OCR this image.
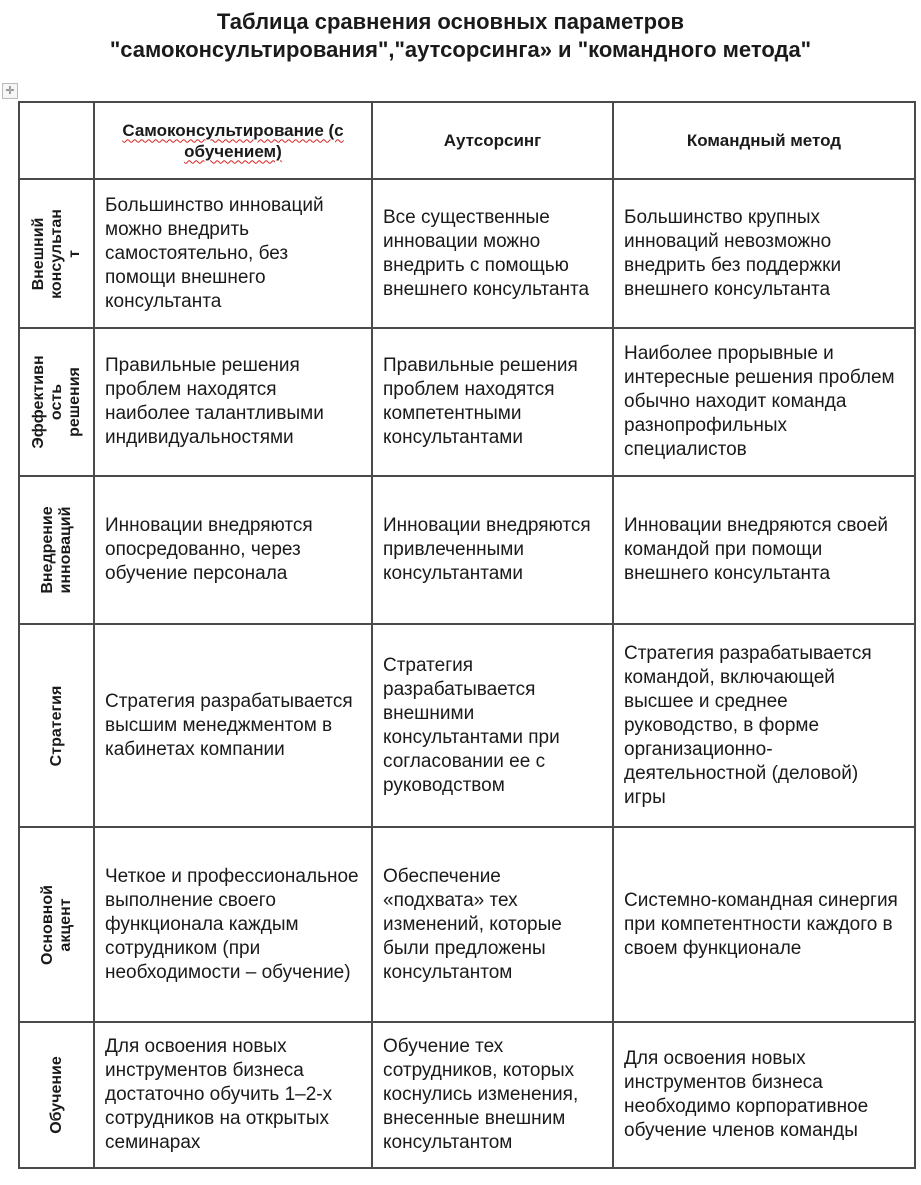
Таблица сравнения основных параметров
"самоконсультирования","аутсорсинга» и "командного метода"
✛
	Самоконсультирование (с обучением)	Аутсорсинг	Командный метод

Внешний консультан т	Большинство инноваций можно внедрить самостоятельно, без помощи внешнего консультанта	Все существенные инновации можно внедрить с помощью внешнего консультанта	Большинство крупных инноваций невозможно внедрить без поддержки внешнего консультанта

Эффективн ость решения	Правильные решения проблем находятся наиболее талантливыми индивидуальностями	Правильные решения проблем находятся компетентными консультантами	Наиболее прорывные и интересные решения проблем обычно находит команда разнопрофильных специалистов

Внедрение инноваций	Инновации внедряются опосредованно, через обучение персонала	Инновации внедряются привлеченными консультантами	Инновации внедряются своей командой при помощи внешнего консультанта

Стратегия	Стратегия разрабатывается высшим менеджментом в кабинетах компании	Стратегия разрабатывается внешними консультантами при согласовании ее с руководством	Стратегия разрабатывается командой, включающей высшее и среднее руководство, в форме организационно-деятельностной (деловой) игры

Основной акцент	Четкое и профессиональное выполнение своего функционала каждым сотрудником (при необходимости – обучение)	Обеспечение «подхвата» тех изменений, которые были предложены консультантом	Системно-командная синергия при компетентности каждого в своем функционале

Обучение	Для освоения новых инструментов бизнеса достаточно обучить 1–2-х сотрудников на открытых семинарах	Обучение тех сотрудников, которых коснулись изменения, внесенные внешним консультантом	Для освоения новых инструментов бизнеса необходимо корпоративное обучение членов команды
